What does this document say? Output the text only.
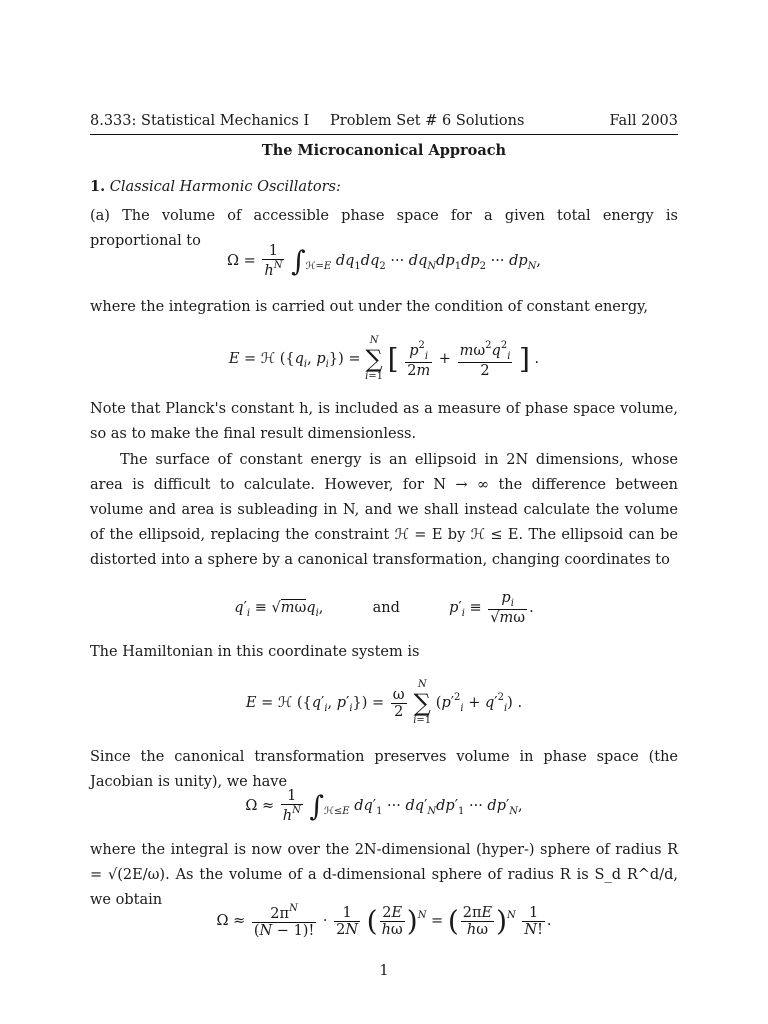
8.333: Statistical Mechanics I Problem Set # 6 Solutions	Fall 2003
The Microcanonical Approach
1. Classical Harmonic Oscillators:
(a) The volume of accessible phase space for a given total energy is proportional to
$\Omega = \frac{1}{h^N} \int_{ℋ=E}$ $dq_1dq_2$ ··· $dq_Ndp_1dp_2$ ··· $dp_N$,
where the integration is carried out under the condition of constant energy,
E = ℋ ({$q_i$, $p_i$}) =
N
∑
i=1
[ $\frac{p^2_i}{2m} + \frac{m\omega^2q^2_i}{2}$ ] .
Note that Planck's constant h, is included as a measure of phase space volume, so as to make the final result dimensionless.
The surface of constant energy is an ellipsoid in 2N dimensions, whose area is difficult to calculate. However, for N → ∞ the difference between volume and area is subleading in N, and we shall instead calculate the volume of the ellipsoid, replacing the constraint ℋ = E by ℋ ≤ E. The ellipsoid can be distorted into a sphere by a canonical transformation, changing coordinates to
$q'_i \equiv √m\omega q_i$,	and	$p'_i \equiv \frac{p_i}{√m\omega}$ .
The Hamiltonian in this coordinate system is
E = ℋ ({$q'_i$, $p'_i\}) = \frac{\omega}{2}$

N
∑
i=1
$(p'^2_i + q'^2_i)$ .
Since the canonical transformation preserves volume in phase space (the Jacobian is unity), we have
$\Omega \approx \frac{1}{h^N} \int_{ℋ\le E}$ $dq'_1$ ··· $dq'_Ndp'_1$ ··· $dp'_N$,
where the integral is now over the 2N-dimensional (hyper-) sphere of radius R = √(2E/ω). As the volume of a d-dimensional sphere of radius R is S_d R^d/d, we obtain
$\Omega \approx \frac{2\pi^N}{(N - 1)!} \cdot \frac{1}{2N}$ ( $\frac{2E}{h\omega} )^N$ = ( $\frac{2\pi E}{h\omega} )^N \frac{1}{N!}$ .
1
